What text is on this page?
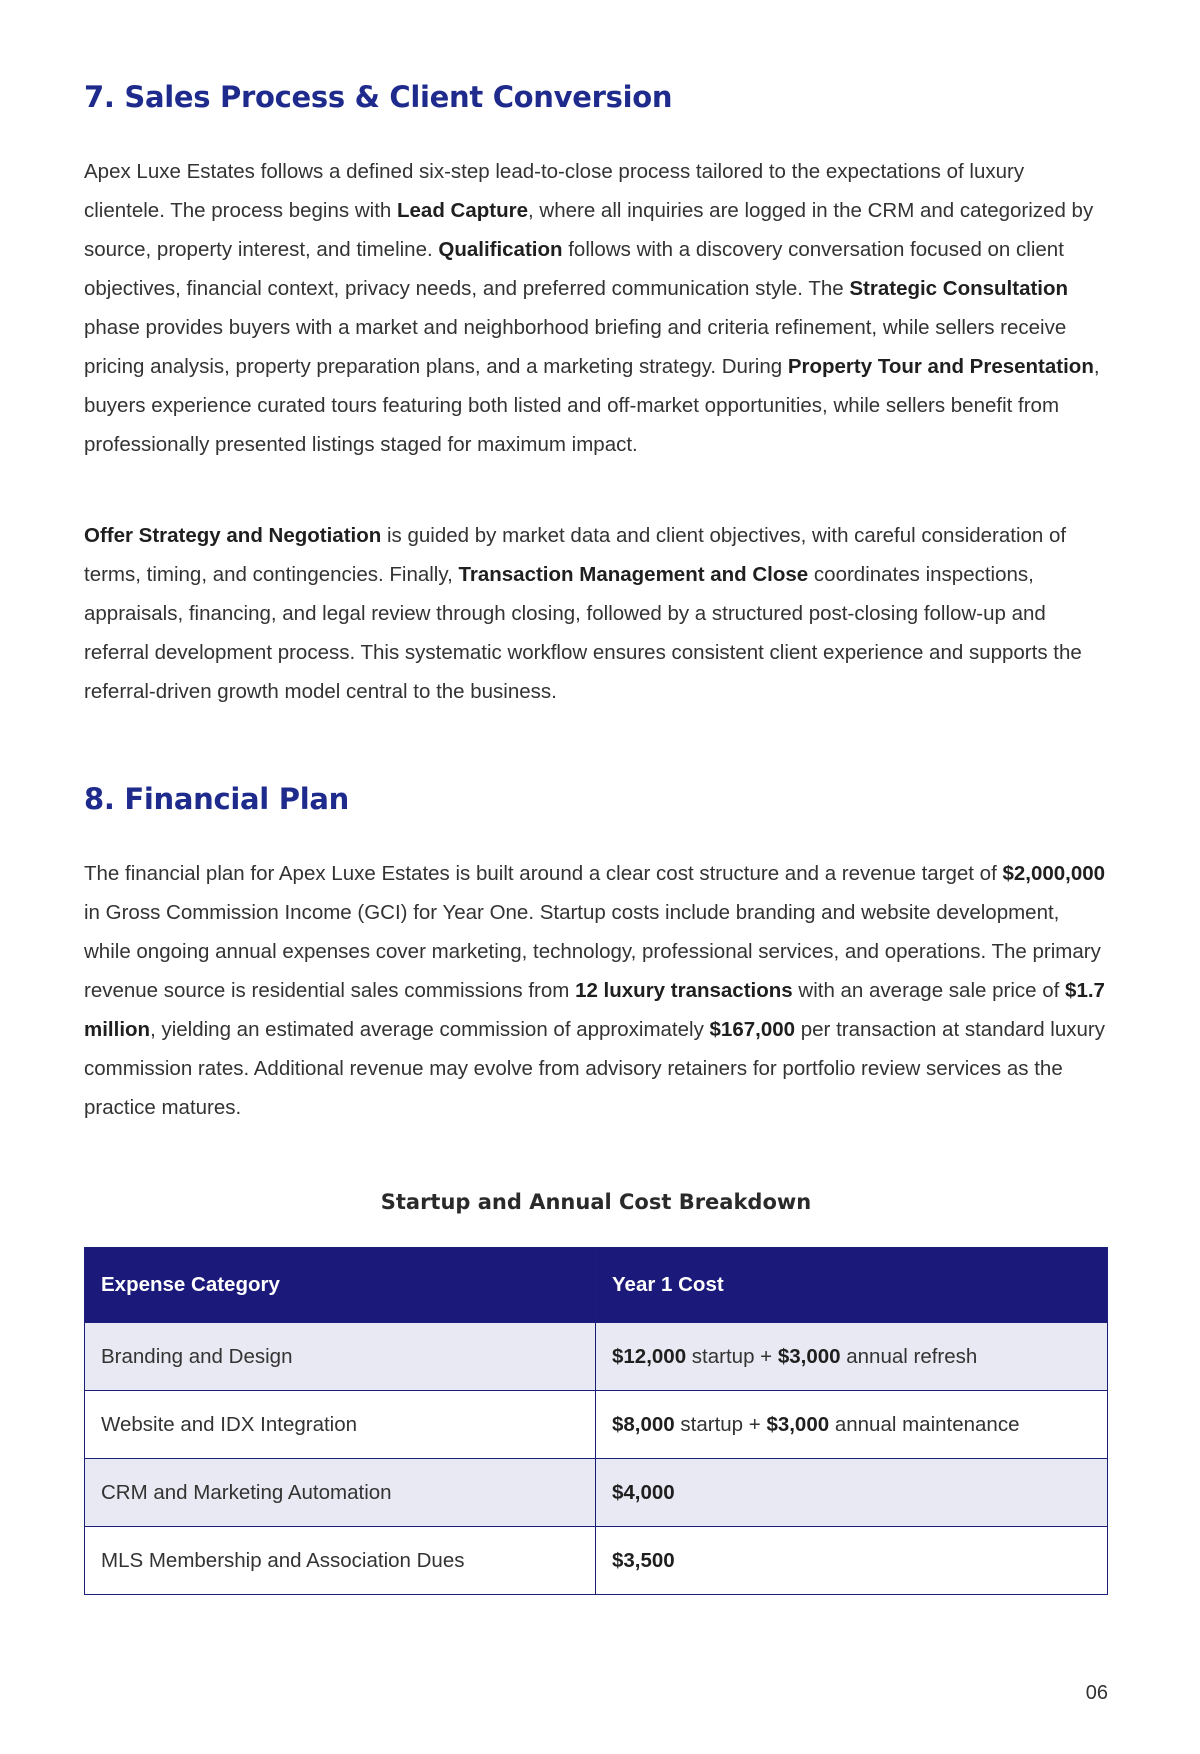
7. Sales Process & Client Conversion

Apex Luxe Estates follows a defined six-step lead-to-close process tailored to the expectations of luxury clientele. The process begins with Lead Capture, where all inquiries are logged in the CRM and categorized by source, property interest, and timeline. Qualification follows with a discovery conversation focused on client objectives, financial context, privacy needs, and preferred communication style. The Strategic Consultation phase provides buyers with a market and neighborhood briefing and criteria refinement, while sellers receive pricing analysis, property preparation plans, and a marketing strategy. During Property Tour and Presentation, buyers experience curated tours featuring both listed and off-market opportunities, while sellers benefit from professionally presented listings staged for maximum impact.

Offer Strategy and Negotiation is guided by market data and client objectives, with careful consideration of terms, timing, and contingencies. Finally, Transaction Management and Close coordinates inspections, appraisals, financing, and legal review through closing, followed by a structured post-closing follow-up and referral development process. This systematic workflow ensures consistent client experience and supports the referral-driven growth model central to the business.

8. Financial Plan

The financial plan for Apex Luxe Estates is built around a clear cost structure and a revenue target of $2,000,000 in Gross Commission Income (GCI) for Year One. Startup costs include branding and website development, while ongoing annual expenses cover marketing, technology, professional services, and operations. The primary revenue source is residential sales commissions from 12 luxury transactions with an average sale price of $1.7 million, yielding an estimated average commission of approximately $167,000 per transaction at standard luxury commission rates. Additional revenue may evolve from advisory retainers for portfolio review services as the practice matures.

Startup and Annual Cost Breakdown
Expense Category	Year 1 Cost
Branding and Design	$12,000 startup + $3,000 annual refresh
Website and IDX Integration	$8,000 startup + $3,000 annual maintenance
CRM and Marketing Automation	$4,000
MLS Membership and Association Dues	$3,500
06
